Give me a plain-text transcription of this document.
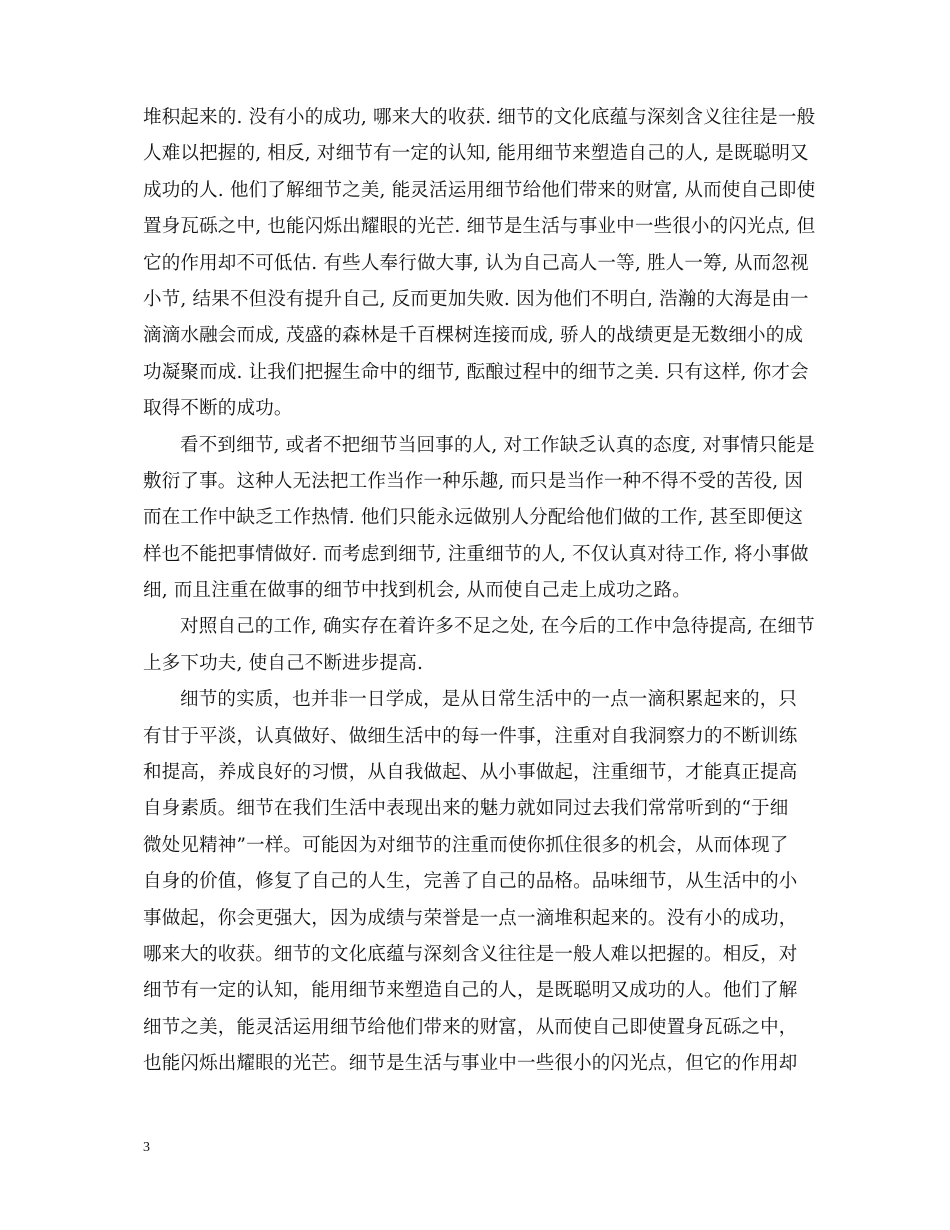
堆积起来的. 没有小的成功, 哪来大的收获. 细节的文化底蕴与深刻含义往往是一般
人难以把握的, 相反, 对细节有一定的认知, 能用细节来塑造自己的人, 是既聪明又
成功的人. 他们了解细节之美, 能灵活运用细节给他们带来的财富, 从而使自己即使
置身瓦砾之中, 也能闪烁出耀眼的光芒. 细节是生活与事业中一些很小的闪光点, 但
它的作用却不可低估. 有些人奉行做大事, 认为自己高人一等, 胜人一筹, 从而忽视
小节, 结果不但没有提升自己, 反而更加失败. 因为他们不明白, 浩瀚的大海是由一
滴滴水融会而成, 茂盛的森林是千百棵树连接而成, 骄人的战绩更是无数细小的成
功凝聚而成. 让我们把握生命中的细节, 酝酿过程中的细节之美. 只有这样, 你才会
取得不断的成功。
看不到细节, 或者不把细节当回事的人, 对工作缺乏认真的态度, 对事情只能是
敷衍了事。这种人无法把工作当作一种乐趣, 而只是当作一种不得不受的苦役, 因
而在工作中缺乏工作热情. 他们只能永远做别人分配给他们做的工作, 甚至即便这
样也不能把事情做好. 而考虑到细节, 注重细节的人, 不仅认真对待工作, 将小事做
细, 而且注重在做事的细节中找到机会, 从而使自己走上成功之路。
对照自己的工作, 确实存在着许多不足之处, 在今后的工作中急待提高, 在细节
上多下功夫, 使自己不断进步提高.
细节的实质，也并非一日学成，是从日常生活中的一点一滴积累起来的，只
有甘于平淡，认真做好、做细生活中的每一件事，注重对自我洞察力的不断训练
和提高，养成良好的习惯，从自我做起、从小事做起，注重细节，才能真正提高
自身素质。细节在我们生活中表现出来的魅力就如同过去我们常常听到的“于细
微处见精神”一样。可能因为对细节的注重而使你抓住很多的机会，从而体现了
自身的价值，修复了自己的人生，完善了自己的品格。品味细节，从生活中的小
事做起，你会更强大，因为成绩与荣誉是一点一滴堆积起来的。没有小的成功，
哪来大的收获。细节的文化底蕴与深刻含义往往是一般人难以把握的。相反，对
细节有一定的认知，能用细节来塑造自己的人，是既聪明又成功的人。他们了解
细节之美，能灵活运用细节给他们带来的财富，从而使自己即使置身瓦砾之中，
也能闪烁出耀眼的光芒。细节是生活与事业中一些很小的闪光点，但它的作用却
3
